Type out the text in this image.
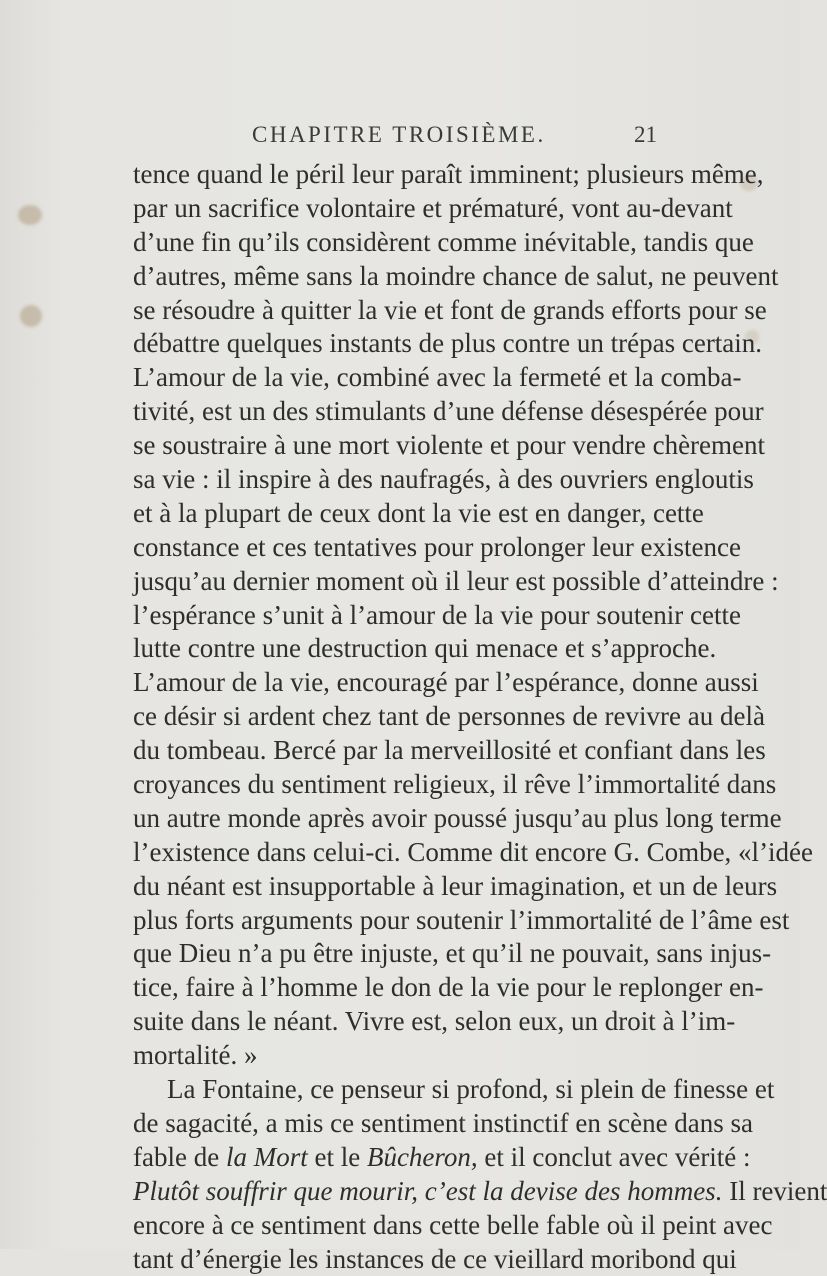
CHAPITRE TROISIÈME.	21
tence quand le péril leur paraît imminent; plusieurs même,
par un sacrifice volontaire et prématuré, vont au-devant
d’une fin qu’ils considèrent comme inévitable, tandis que
d’autres, même sans la moindre chance de salut, ne peuvent
se résoudre à quitter la vie et font de grands efforts pour se
débattre quelques instants de plus contre un trépas certain.
L’amour de la vie, combiné avec la fermeté et la comba-
tivité, est un des stimulants d’une défense désespérée pour
se soustraire à une mort violente et pour vendre chèrement
sa vie : il inspire à des naufragés, à des ouvriers engloutis
et à la plupart de ceux dont la vie est en danger, cette
constance et ces tentatives pour prolonger leur existence
jusqu’au dernier moment où il leur est possible d’atteindre :
l’espérance s’unit à l’amour de la vie pour soutenir cette
lutte contre une destruction qui menace et s’approche.
L’amour de la vie, encouragé par l’espérance, donne aussi
ce désir si ardent chez tant de personnes de revivre au delà
du tombeau. Bercé par la merveillosité et confiant dans les
croyances du sentiment religieux, il rêve l’immortalité dans
un autre monde après avoir poussé jusqu’au plus long terme
l’existence dans celui-ci. Comme dit encore G. Combe, «l’idée
du néant est insupportable à leur imagination, et un de leurs
plus forts arguments pour soutenir l’immortalité de l’âme est
que Dieu n’a pu être injuste, et qu’il ne pouvait, sans injus-
tice, faire à l’homme le don de la vie pour le replonger en-
suite dans le néant. Vivre est, selon eux, un droit à l’im-
mortalité. »
La Fontaine, ce penseur si profond, si plein de finesse et
de sagacité, a mis ce sentiment instinctif en scène dans sa
fable de la Mort et le Bûcheron, et il conclut avec vérité :
Plutôt souffrir que mourir, c’est la devise des hommes. Il revient
encore à ce sentiment dans cette belle fable où il peint avec
tant d’énergie les instances de ce vieillard moribond qui
